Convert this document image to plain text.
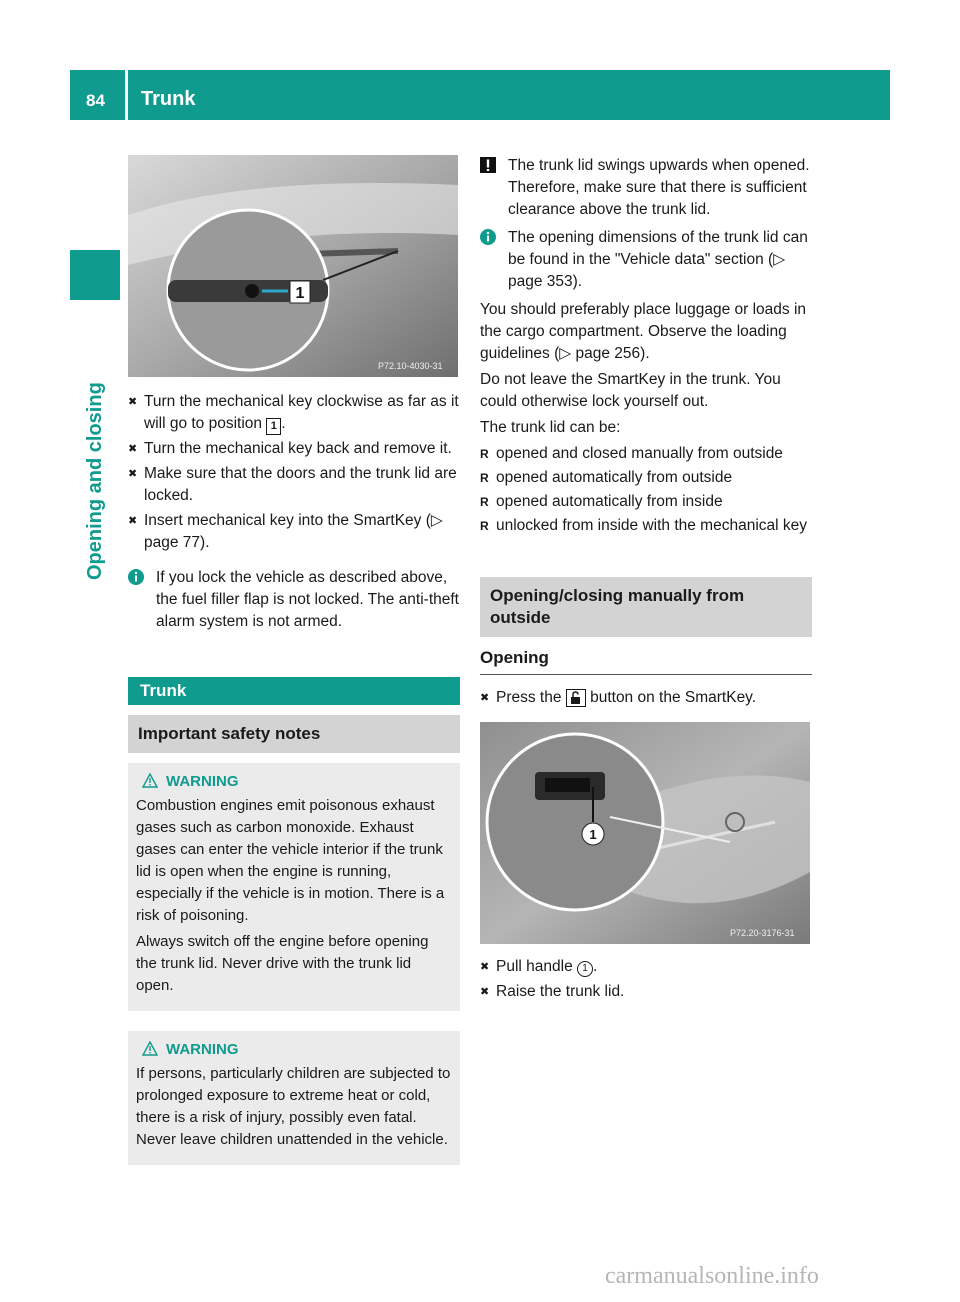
84 Trunk
Opening and closing
1
P72.10-4030-31
✖ Turn the mechanical key clockwise as far as it will go to position 1 .
✖ Turn the mechanical key back and remove it.
✖ Make sure that the doors and the trunk lid are locked.
✖ Insert mechanical key into the SmartKey (▷ page 77).
If you lock the vehicle as described above, the fuel filler flap is not locked. The anti-theft alarm system is not armed.
Trunk
Important safety notes
WARNING

Combustion engines emit poisonous exhaust gases such as carbon monoxide. Exhaust gases can enter the vehicle interior if the trunk lid is open when the engine is running, especially if the vehicle is in motion. There is a risk of poisoning.

Always switch off the engine before opening the trunk lid. Never drive with the trunk lid open.

WARNING

If persons, particularly children are subjected to prolonged exposure to extreme heat or cold, there is a risk of injury, possibly even fatal. Never leave children unattended in the vehicle.

The trunk lid swings upwards when opened. Therefore, make sure that there is sufficient clearance above the trunk lid.
The opening dimensions of the trunk lid can be found in the "Vehicle data" section (▷ page 353).

You should preferably place luggage or loads in the cargo compartment. Observe the loading guidelines (▷ page 256).

Do not leave the SmartKey in the trunk. You could otherwise lock yourself out.

The trunk lid can be:

R opened and closed manually from outside
R opened automatically from outside
R opened automatically from inside
R unlocked from inside with the mechanical key
Opening/closing manually from outside
Opening
✖ Press the  button on the SmartKey.
1
P72.20-3176-31
✖ Pull handle 1 .
✖ Raise the trunk lid.
carmanualsonline.info
